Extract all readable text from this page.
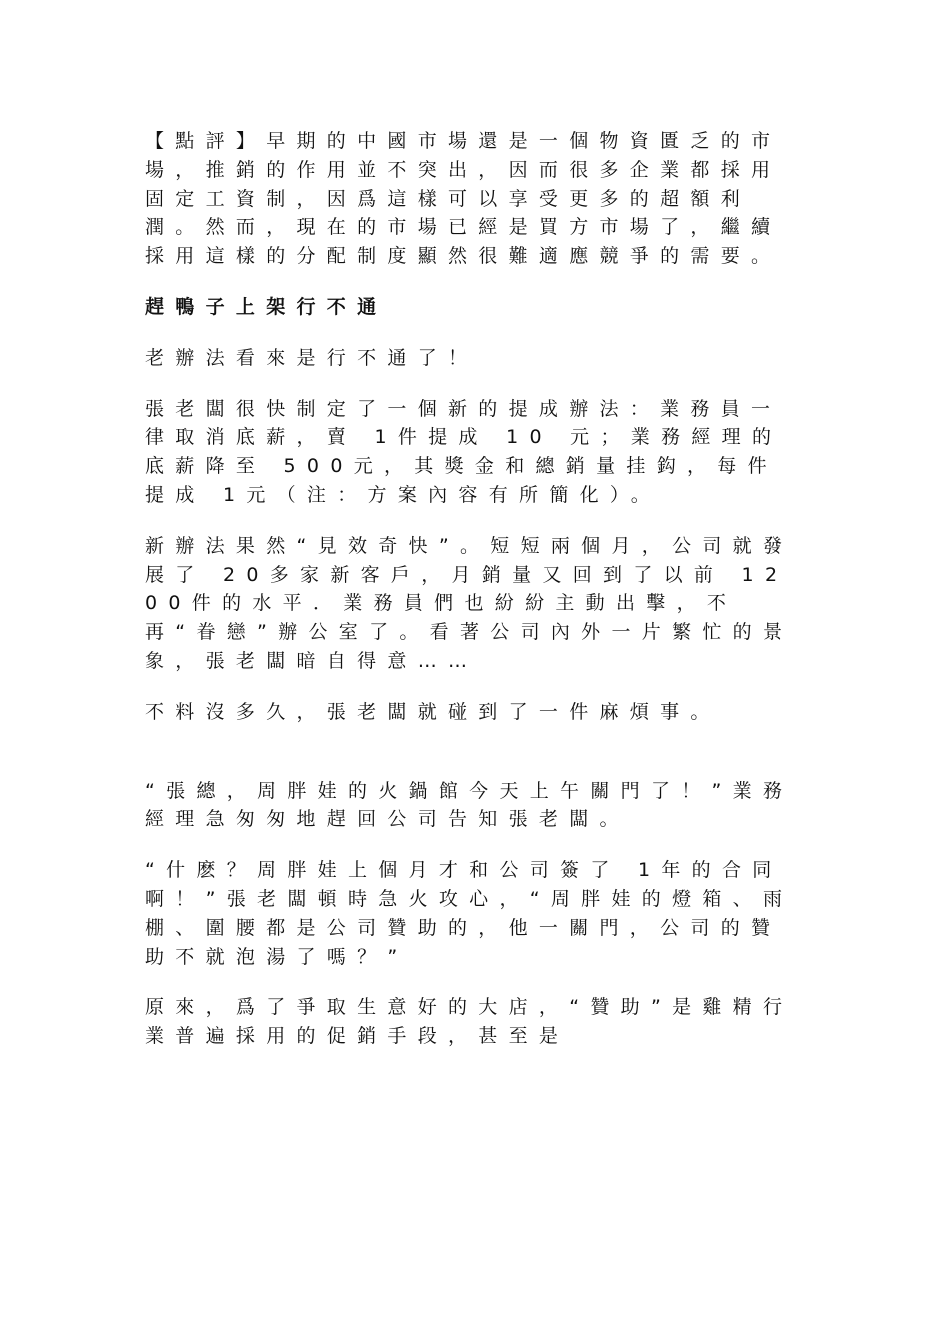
【點評】早期的中國市場還是一個物資匱乏的市場，推銷的作用並不突出，因而很多企業都採用固定工資制，因爲這樣可以享受更多的超額利潤。然而，現在的市場已經是買方市場了，繼續採用這樣的分配制度顯然很難適應競爭的需要。

趕鴨子上架行不通

老辦法看來是行不通了！

張老闆很快制定了一個新的提成辦法：業務員一律取消底薪，賣 1件提成 10 元；業務經理的底薪降至 500元，其獎金和總銷量挂鈎，每件提成 1元（注：方案內容有所簡化）。

新辦法果然“見效奇快”。短短兩個月，公司就發展了 20多家新客戶，月銷量又回到了以前 1200件的水平．業務員們也紛紛主動出擊，不再“眷戀”辦公室了。看著公司內外一片繁忙的景象，張老闆暗自得意……

不料沒多久，張老闆就碰到了一件麻煩事。

“張總，周胖娃的火鍋館今天上午關門了！”業務經理急匆匆地趕回公司告知張老闆。

“什麽？周胖娃上個月才和公司簽了 1年的合同啊！”張老闆頓時急火攻心，“周胖娃的燈箱、雨棚、圍腰都是公司贊助的，他一關門，公司的贊助不就泡湯了嗎？”

原來，爲了爭取生意好的大店，“贊助”是雞精行業普遍採用的促銷手段，甚至是
